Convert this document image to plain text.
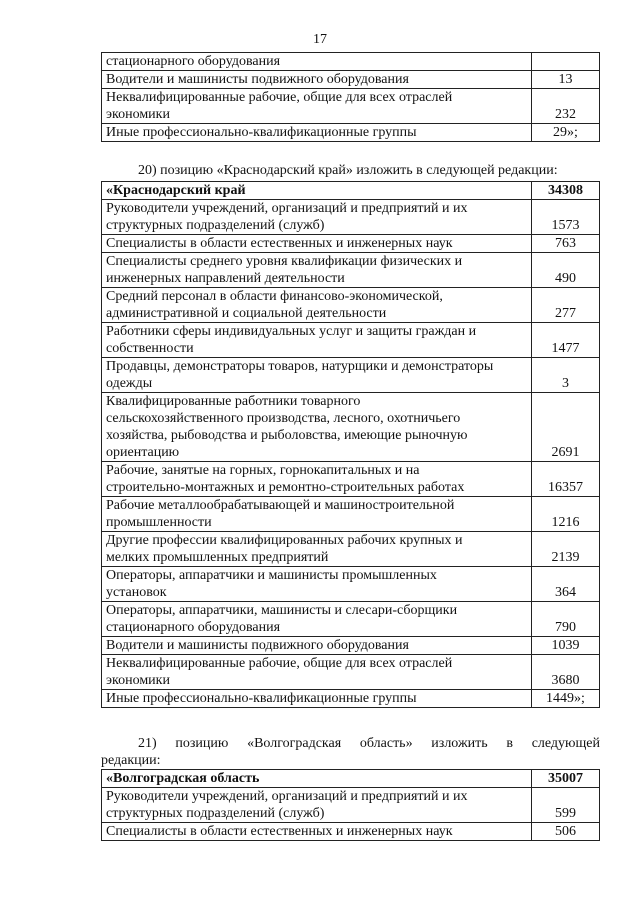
17
стационарного оборудования	

Водители и машинисты подвижного оборудования	13

Неквалифицированные рабочие, общие для всех отраслей
экономики	232

Иные профессионально-квалификационные группы	29»;
20) позицию «Краснодарский край» изложить в следующей редакции:
«Краснодарский край	34308

Руководители учреждений, организаций и предприятий и их
структурных подразделений (служб)	1573

Специалисты в области естественных и инженерных наук	763

Специалисты среднего уровня квалификации физических и
инженерных направлений деятельности	490

Средний персонал в области финансово-экономической,
административной и социальной деятельности	277

Работники сферы индивидуальных услуг и защиты граждан и
собственности	1477

Продавцы, демонстраторы товаров, натурщики и демонстраторы
одежды	3

Квалифицированные работники товарного
сельскохозяйственного производства, лесного, охотничьего
хозяйства, рыбоводства и рыболовства, имеющие рыночную
ориентацию	2691

Рабочие, занятые на горных, горнокапитальных и на
строительно-монтажных и ремонтно-строительных работах	16357

Рабочие металлообрабатывающей и машиностроительной
промышленности	1216

Другие профессии квалифицированных рабочих крупных и
мелких промышленных предприятий	2139

Операторы, аппаратчики и машинисты промышленных
установок	364

Операторы, аппаратчики, машинисты и слесари-сборщики
стационарного оборудования	790

Водители и машинисты подвижного оборудования	1039

Неквалифицированные рабочие, общие для всех отраслей
экономики	3680

Иные профессионально-квалификационные группы	1449»;
21) позицию «Волгоградская область» изложить в следующей
редакции:
«Волгоградская область	35007

Руководители учреждений, организаций и предприятий и их
структурных подразделений (служб)	599

Специалисты в области естественных и инженерных наук	506
